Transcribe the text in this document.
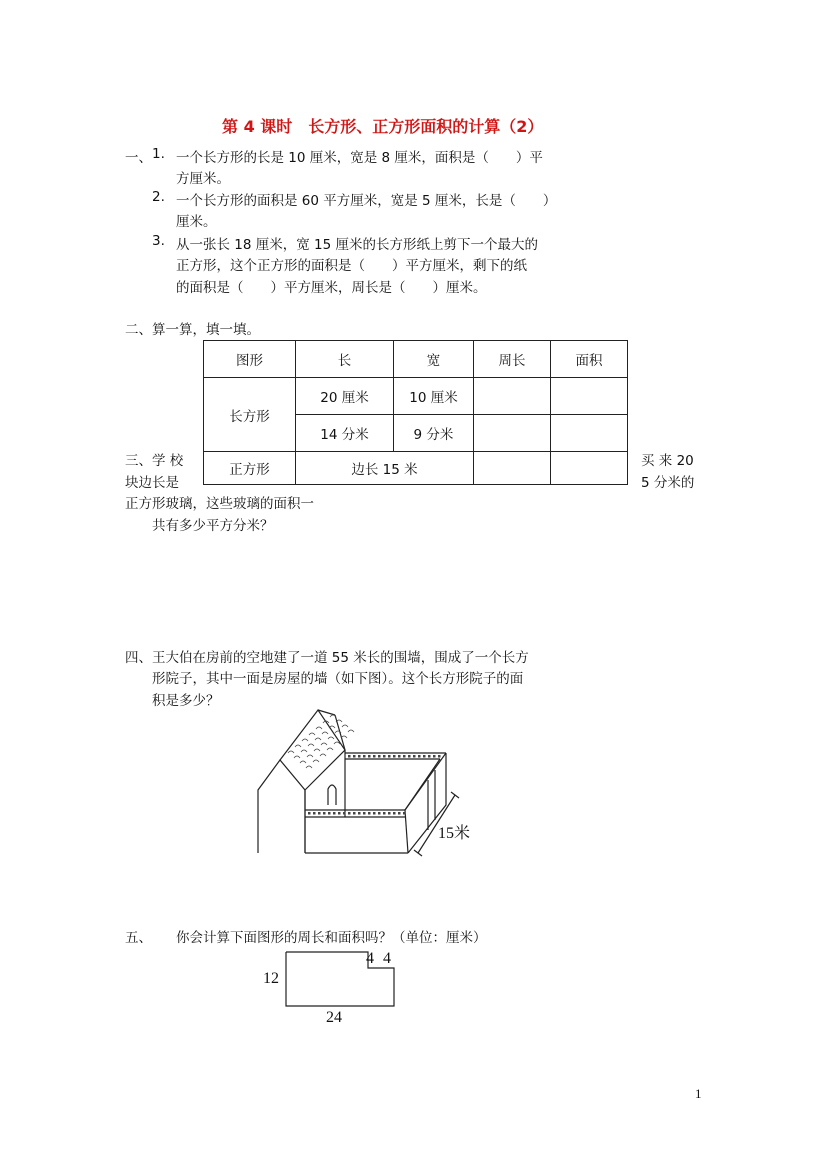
第 4 课时　长方形、正方形面积的计算（2）
一、 1. 一个长方形的长是 10 厘米，宽是 8 厘米，面积是（　　）平
方厘米。
2. 一个长方形的面积是 60 平方厘米，宽是 5 厘米，长是（　　）
厘米。
3. 从一张长 18 厘米，宽 15 厘米的长方形纸上剪下一个最大的
正方形，这个正方形的面积是（　　）平方厘米，剩下的纸
的面积是（　　）平方厘米，周长是（　　）厘米。
二、算一算，填一填。
图形	长	宽	周长	面积
长方形	20 厘米	10 厘米		
	14 分米	9 分米		
正方形	边长 15 米			
三、学 校	买 来 20
块边长是	5 分米的
正方形玻璃，这些玻璃的面积一
共有多少平方分米？
四、王大伯在房前的空地建了一道 55 米长的围墙，围成了一个长方
形院子，其中一面是房屋的墙（如下图）。这个长方形院子的面
积是多少？
15米
五、 你会计算下面图形的周长和面积吗？（单位：厘米）
12
24
4 4
1
